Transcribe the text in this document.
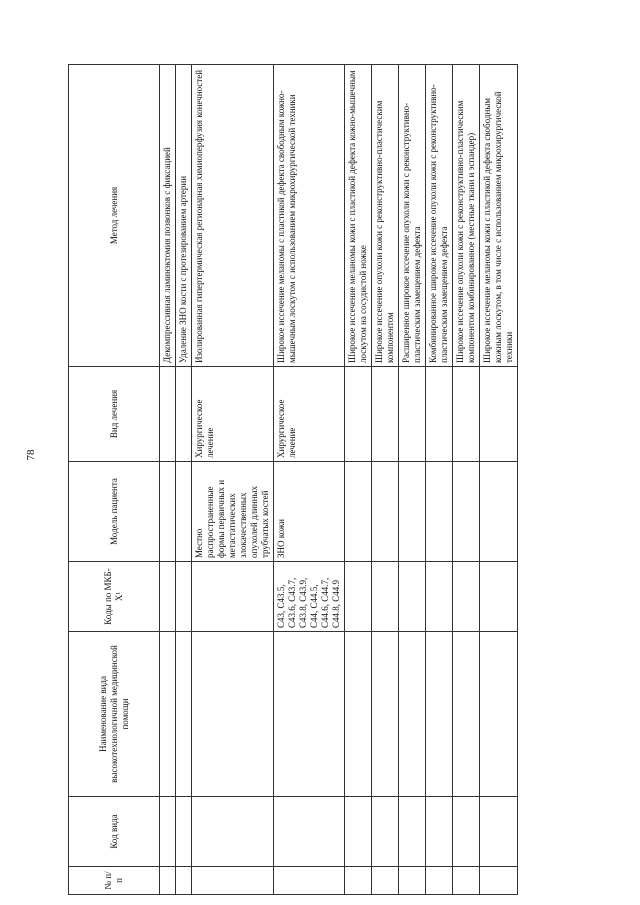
78
№ п/п	Код вида	Наименование вида высокотехнологичной медицинской помощи	Коды по МКБ-X¹	Модель пациента	Вид лечения	Метод лечения
						Декомпрессивная ламинэктомия позвонков с фиксацией
						Удаление ЗНО кости с протезированием артерии
				Местно распространенные формы первичных и метастатических злокачественных опухолей длинных трубчатых костей	Хирургическое лечение	Изолированная гипертермическая регионарная химиоперфузия конечностей
			C43, C43.5, C43.6, C43.7, C43.8, C43.9, C44, C44.5, C44.6, C44.7, C44.8, C44.9	ЗНО кожи	Хирургическое лечение	Широкое иссечение меланомы с пластикой дефекта свободным кожно-мышечным лоскутом с использованием микрохирургической техники
						Широкое иссечение меланомы кожи с пластикой дефекта кожно-мышечным лоскутом на сосудистой ножке
						Широкое иссечение опухоли кожи с реконструктивно-пластическим компонентом
						Расширенное широкое иссечение опухоли кожи с реконструктивно-пластическим замещением дефекта
						Комбинированное широкое иссечение опухоли кожи с реконструктивно-пластическим замещением дефекта
						Широкое иссечение опухоли кожи с реконструктивно-пластическим компонентом комбинированное (местные ткани и эспандер)
						Широкое иссечение меланомы кожи с пластикой дефекта свободным кожным лоскутом, в том числе с использованием микрохирургической техники
